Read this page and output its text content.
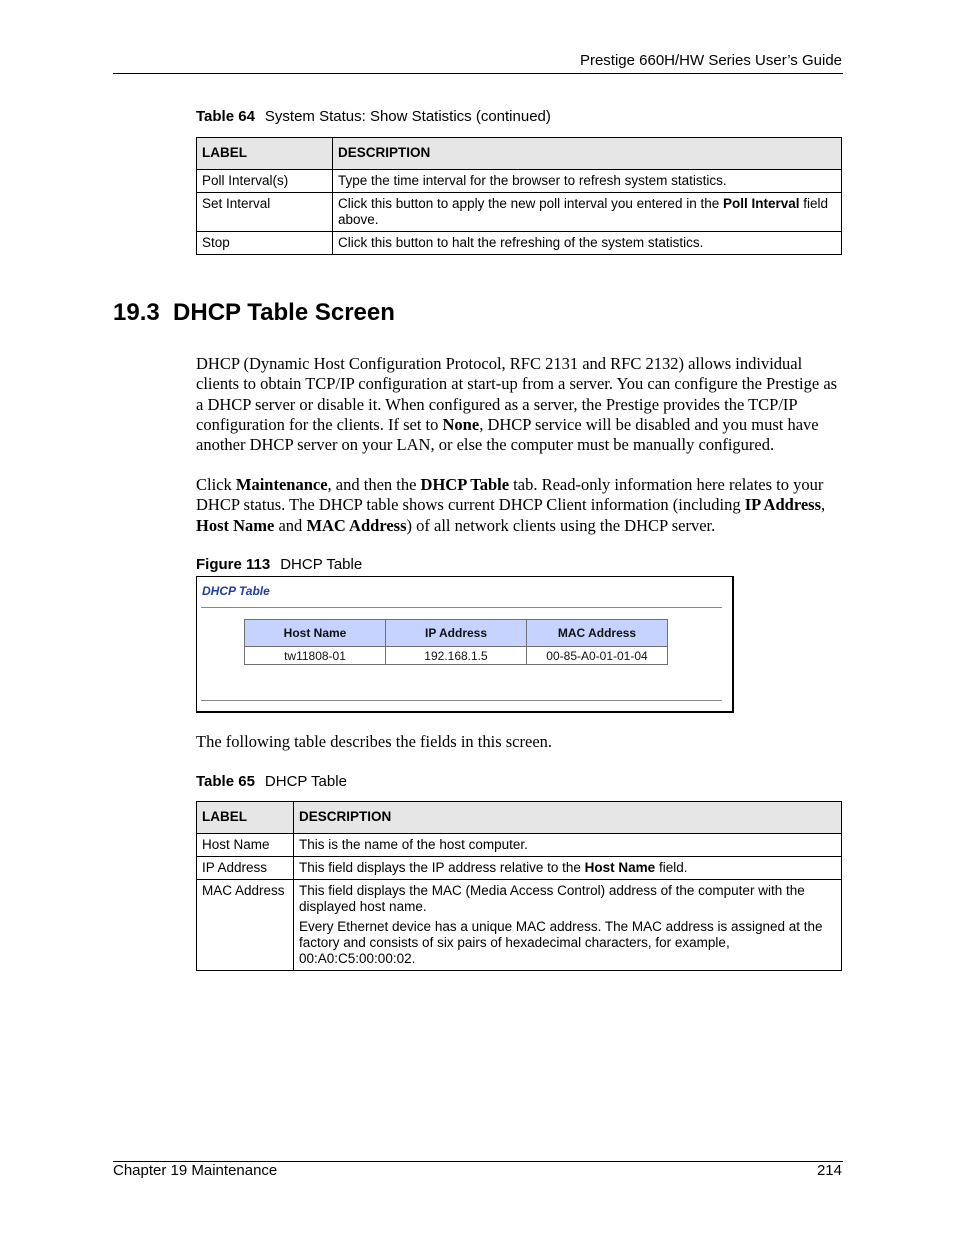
Prestige 660H/HW Series User’s Guide
Table 64 System Status: Show Statistics (continued)
LABEL	DESCRIPTION
Poll Interval(s)	Type the time interval for the browser to refresh system statistics.
Set Interval	Click this button to apply the new poll interval you entered in the Poll Interval field above.
Stop	Click this button to halt the refreshing of the system statistics.
19.3  DHCP Table Screen
DHCP (Dynamic Host Configuration Protocol, RFC 2131 and RFC 2132) allows individual clients to obtain TCP/IP configuration at start-up from a server. You can configure the Prestige as a DHCP server or disable it. When configured as a server, the Prestige provides the TCP/IP configuration for the clients. If set to None, DHCP service will be disabled and you must have another DHCP server on your LAN, or else the computer must be manually configured.
Click Maintenance, and then the DHCP Table tab. Read-only information here relates to your DHCP status. The DHCP table shows current DHCP Client information (including IP Address, Host Name and MAC Address) of all network clients using the DHCP server.
Figure 113 DHCP Table
DHCP Table
Host Name	IP Address	MAC Address
tw11808-01	192.168.1.5	00-85-A0-01-01-04
The following table describes the fields in this screen.
Table 65 DHCP Table
LABEL	DESCRIPTION
Host Name	This is the name of the host computer.
IP Address	This field displays the IP address relative to the Host Name field.
MAC Address	This field displays the MAC (Media Access Control) address of the computer with the displayed host name.

Every Ethernet device has a unique MAC address. The MAC address is assigned at the factory and consists of six pairs of hexadecimal characters, for example, 00:A0:C5:00:00:02.

Chapter 19 Maintenance	214
